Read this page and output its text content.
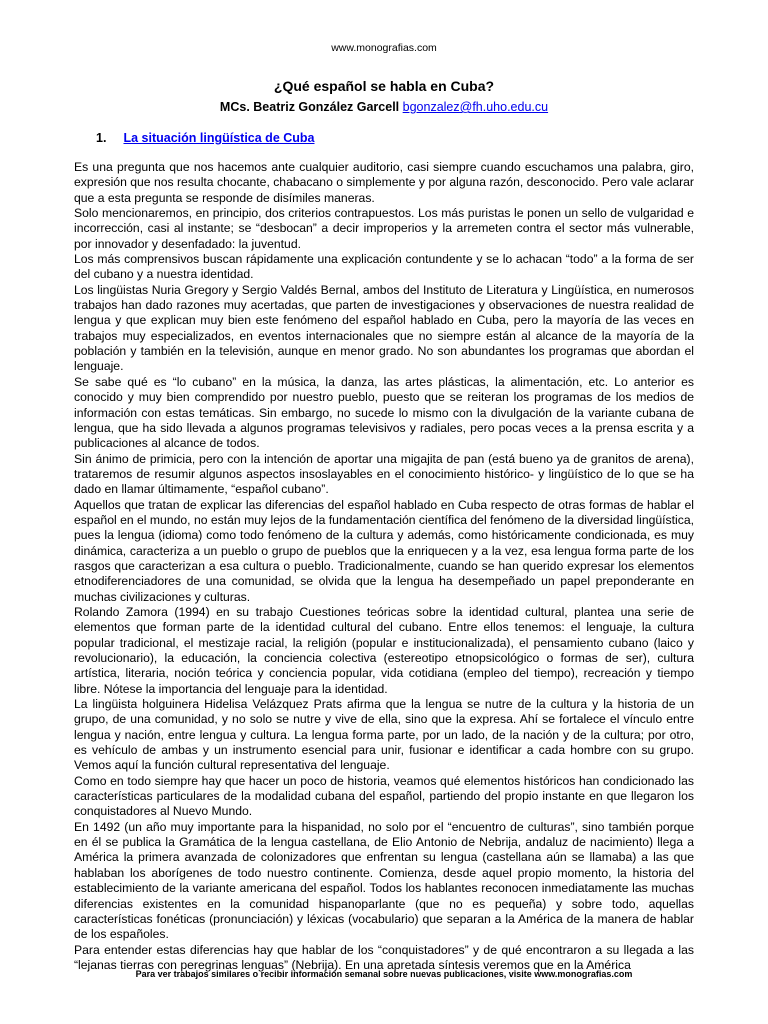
www.monografias.com
¿Qué español se habla en Cuba?
MCs. Beatriz González Garcell bgonzalez@fh.uho.edu.cu
1. La situación lingüística de Cuba

Es una pregunta que nos hacemos ante cualquier auditorio, casi siempre cuando escuchamos una palabra, giro, expresión que nos resulta chocante, chabacano o simplemente y por alguna razón, desconocido. Pero vale aclarar que a esta pregunta se responde de disímiles maneras.

Solo mencionaremos, en principio, dos criterios contrapuestos. Los más puristas le ponen un sello de vulgaridad e incorrección, casi al instante; se “desbocan” a decir improperios y la arremeten contra el sector más vulnerable, por innovador y desenfadado: la juventud.

Los más comprensivos buscan rápidamente una explicación contundente y se lo achacan “todo” a la forma de ser del cubano y a nuestra identidad.

Los lingüistas Nuria Gregory y Sergio Valdés Bernal, ambos del Instituto de Literatura y Lingüística, en numerosos trabajos han dado razones muy acertadas, que parten de investigaciones y observaciones de nuestra realidad de lengua y que explican muy bien este fenómeno del español hablado en Cuba, pero la mayoría de las veces en trabajos muy especializados, en eventos internacionales que no siempre están al alcance de la mayoría de la población y también en la televisión, aunque en menor grado. No son abundantes los programas que abordan el lenguaje.

Se sabe qué es “lo cubano” en la música, la danza, las artes plásticas, la alimentación, etc. Lo anterior es conocido y muy bien comprendido por nuestro pueblo, puesto que se reiteran los programas de los medios de información con estas temáticas. Sin embargo, no sucede lo mismo con la divulgación de la variante cubana de lengua, que ha sido llevada a algunos programas televisivos y radiales, pero pocas veces a la prensa escrita y a publicaciones al alcance de todos.

Sin ánimo de primicia, pero con la intención de aportar una migajita de pan (está bueno ya de granitos de arena), trataremos de resumir algunos aspectos insoslayables en el conocimiento histórico- y lingüístico de lo que se ha dado en llamar últimamente, “español cubano”.

Aquellos que tratan de explicar las diferencias del español hablado en Cuba respecto de otras formas de hablar el español en el mundo, no están muy lejos de la fundamentación científica del fenómeno de la diversidad lingüística, pues la lengua (idioma) como todo fenómeno de la cultura y además, como históricamente condicionada, es muy dinámica, caracteriza a un pueblo o grupo de pueblos que la enriquecen y a la vez, esa lengua forma parte de los rasgos que caracterizan a esa cultura o pueblo. Tradicionalmente, cuando se han querido expresar los elementos etnodiferenciadores de una comunidad, se olvida que la lengua ha desempeñado un papel preponderante en muchas civilizaciones y culturas.

Rolando Zamora (1994) en su trabajo Cuestiones teóricas sobre la identidad cultural, plantea una serie de elementos que forman parte de la identidad cultural del cubano. Entre ellos tenemos: el lenguaje, la cultura popular tradicional, el mestizaje racial, la religión (popular e institucionalizada), el pensamiento cubano (laico y revolucionario), la educación, la conciencia colectiva (estereotipo etnopsicológico o formas de ser), cultura artística, literaria, noción teórica y conciencia popular, vida cotidiana (empleo del tiempo), recreación y tiempo libre. Nótese la importancia del lenguaje para la identidad.

La lingüista holguinera Hidelisa Velázquez Prats afirma que la lengua se nutre de la cultura y la historia de un grupo, de una comunidad, y no solo se nutre y vive de ella, sino que la expresa. Ahí se fortalece el vínculo entre lengua y nación, entre lengua y cultura. La lengua forma parte, por un lado, de la nación y de la cultura; por otro, es vehículo de ambas y un instrumento esencial para unir, fusionar e identificar a cada hombre con su grupo. Vemos aquí la función cultural representativa del lenguaje.

Como en todo siempre hay que hacer un poco de historia, veamos qué elementos históricos han condicionado las características particulares de la modalidad cubana del español, partiendo del propio instante en que llegaron los conquistadores al Nuevo Mundo.

En 1492 (un año muy importante para la hispanidad, no solo por el “encuentro de culturas”, sino también porque en él se publica la Gramática de la lengua castellana, de Elio Antonio de Nebrija, andaluz de nacimiento) llega a América la primera avanzada de colonizadores que enfrentan su lengua (castellana aún se llamaba) a las que hablaban los aborígenes de todo nuestro continente. Comienza, desde aquel propio momento, la historia del establecimiento de la variante americana del español. Todos los hablantes reconocen inmediatamente las muchas diferencias existentes en la comunidad hispanoparlante (que no es pequeña) y sobre todo, aquellas características fonéticas (pronunciación) y léxicas (vocabulario) que separan a la América de la manera de hablar de los españoles.

Para entender estas diferencias hay que hablar de los “conquistadores” y de qué encontraron a su llegada a las “lejanas tierras con peregrinas lenguas” (Nebrija). En una apretada síntesis veremos que en la América

Para ver trabajos similares o recibir información semanal sobre nuevas publicaciones, visite www.monografias.com
